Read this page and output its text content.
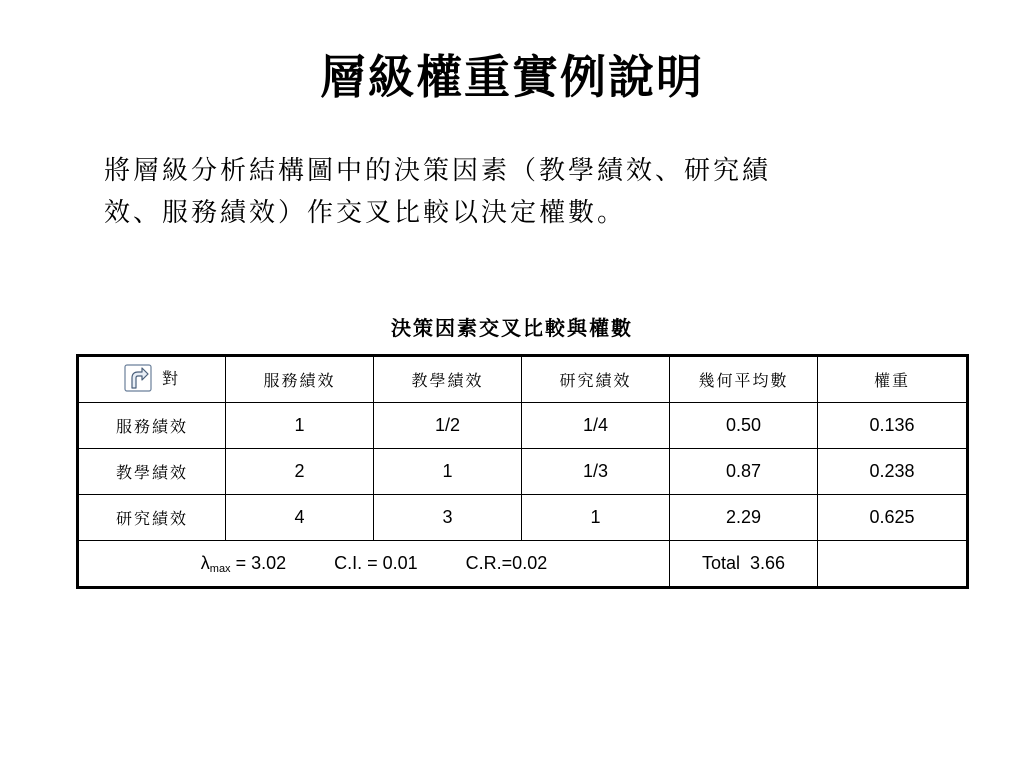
層級權重實例說明
將層級分析結構圖中的決策因素（教學績效、研究績
效、服務績效）作交叉比較以決定權數。
決策因素交叉比較與權數
對	服務績效	教學績效	研究績效	幾何平均數	權重
服務績效	1	1/2	1/4	0.50	0.136
教學績效	2	1	1/3	0.87	0.238
研究績效	4	3	1	2.29	0.625
$\lambda_{max} = 3.02$ C.I. = 0.01 C.R.=0.02				Total  3.66	
